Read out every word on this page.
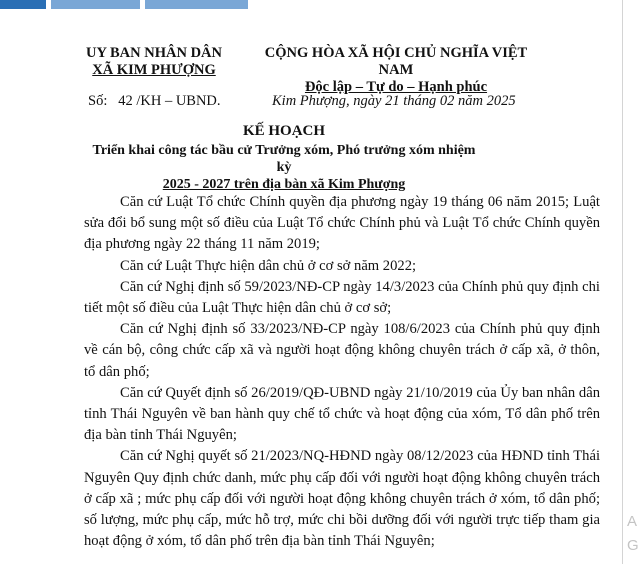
A
G
UY BAN NHÂN DÂN
XÃ KIM PHƯỢNG
CỘNG HÒA XÃ HỘI CHỦ NGHĨA VIỆT NAM
Độc lập – Tự do – Hạnh phúc
Số:   42 /KH – UBND.	Kim Phượng, ngày 21 tháng 02 năm 2025
KẾ HOẠCH
Triển khai công tác bầu cử Trưởng xóm, Phó trưởng xóm nhiệm kỳ
2025 - 2027 trên địa bàn xã Kim Phượng

Căn cứ Luật Tổ chức Chính quyền địa phương ngày 19 tháng 06 năm 2015; Luật sửa đổi bổ sung một số điều của Luật Tổ chức Chính phủ và Luật Tổ chức Chính quyền địa phương ngày 22 tháng 11 năm 2019;

Căn cứ Luật Thực hiện dân chủ ở cơ sở năm 2022;

Căn cứ Nghị định số 59/2023/NĐ-CP ngày 14/3/2023 của Chính phủ quy định chi tiết một số điều của Luật Thực hiện dân chủ ở cơ sở;

Căn cứ Nghị định số 33/2023/NĐ-CP ngày 108/6/2023 của Chính phủ quy định về cán bộ, công chức cấp xã và người hoạt động không chuyên trách ở cấp xã, ở thôn, tổ dân phố;

Căn cứ Quyết định số 26/2019/QĐ-UBND ngày 21/10/2019 của Ủy ban nhân dân tỉnh Thái Nguyên về ban hành quy chế tổ chức và hoạt động của xóm, Tổ dân phố trên địa bàn tỉnh Thái Nguyên;

Căn cứ Nghị quyết số 21/2023/NQ-HĐND ngày 08/12/2023 của HĐND tỉnh Thái Nguyên Quy định chức danh, mức phụ cấp đối với người hoạt động không chuyên trách ở cấp xã ; mức phụ cấp đối với người hoạt động không chuyên trách ở xóm, tổ dân phố; số lượng, mức phụ cấp, mức hỗ trợ, mức chi bồi dưỡng đối với người trực tiếp tham gia hoạt động ở xóm, tổ dân phố trên địa bàn tỉnh Thái Nguyên;
